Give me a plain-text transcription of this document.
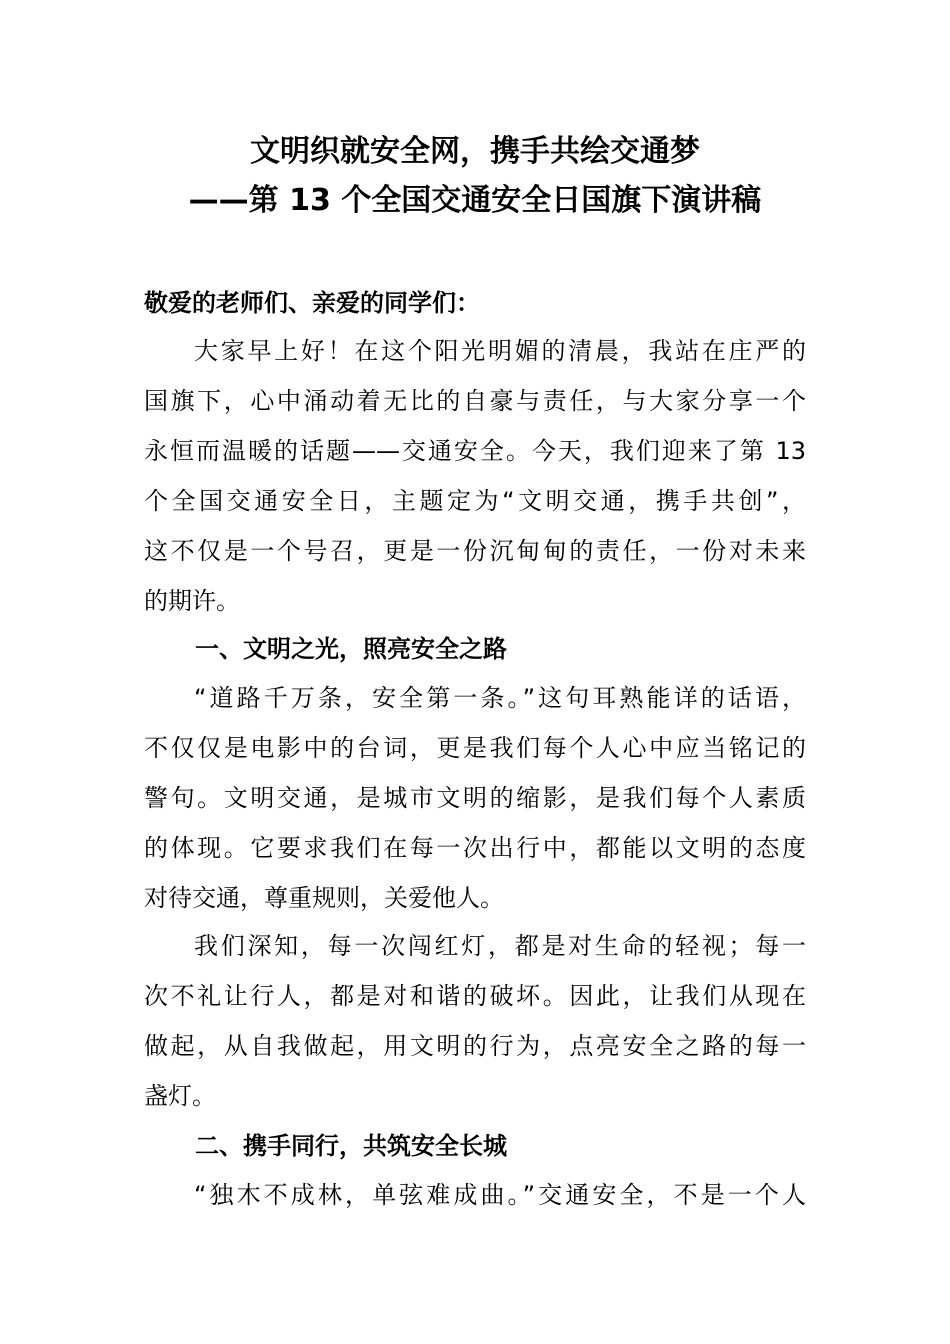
文明织就安全网，携手共绘交通梦
——第 13 个全国交通安全日国旗下演讲稿
敬爱的老师们、亲爱的同学们：
大家早上好！在这个阳光明媚的清晨，我站在庄严的
国旗下，心中涌动着无比的自豪与责任，与大家分享一个
永恒而温暖的话题——交通安全。今天，我们迎来了第 13
个全国交通安全日，主题定为“文明交通，携手共创”，
这不仅是一个号召，更是一份沉甸甸的责任，一份对未来
的期许。
一、文明之光，照亮安全之路
“道路千万条，安全第一条。”这句耳熟能详的话语，
不仅仅是电影中的台词，更是我们每个人心中应当铭记的
警句。文明交通，是城市文明的缩影，是我们每个人素质
的体现。它要求我们在每一次出行中，都能以文明的态度
对待交通，尊重规则，关爱他人。
我们深知，每一次闯红灯，都是对生命的轻视；每一
次不礼让行人，都是对和谐的破坏。因此，让我们从现在
做起，从自我做起，用文明的行为，点亮安全之路的每一
盏灯。
二、携手同行，共筑安全长城
“独木不成林，单弦难成曲。”交通安全，不是一个人
